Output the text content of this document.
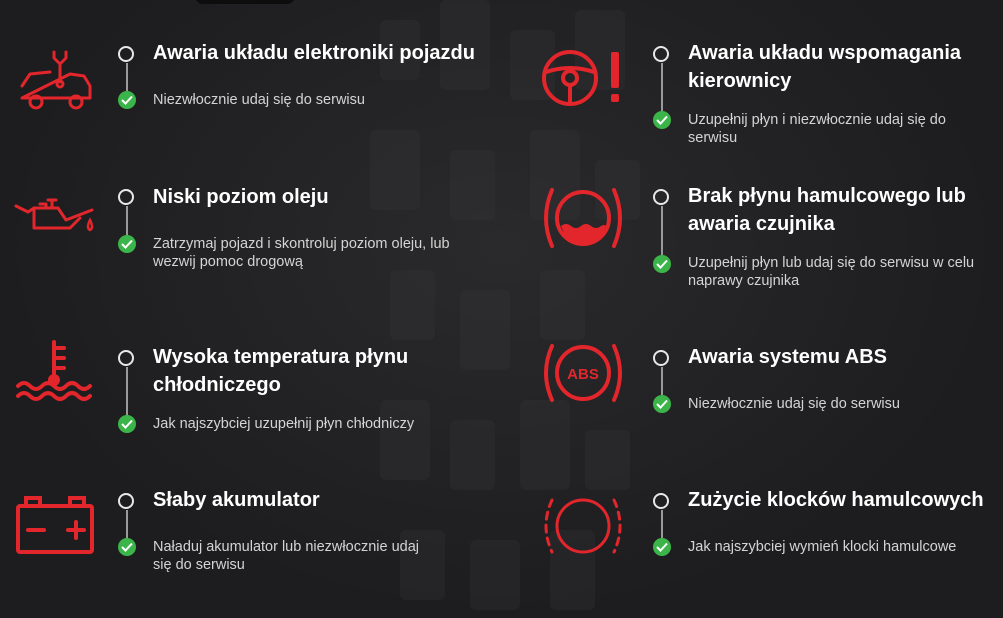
Awaria układu elektroniki pojazdu
Niezwłocznie udaj się do serwisu
Awaria układu wspomagania kierownicy
Uzupełnij płyn i niezwłocznie udaj się do serwisu
Niski poziom oleju
Zatrzymaj pojazd i skontroluj poziom oleju, lub wezwij pomoc drogową
Brak płynu hamulcowego lub awaria czujnika
Uzupełnij płyn lub udaj się do serwisu w celu naprawy czujnika
Wysoka temperatura płynu chłodniczego
Jak najszybciej uzupełnij płyn chłodniczy
ABS
Awaria systemu ABS
Niezwłocznie udaj się do serwisu
Słaby akumulator
Naładuj akumulator lub niezwłocznie udaj się do serwisu
Zużycie klocków hamulcowych
Jak najszybciej wymień klocki hamulcowe
